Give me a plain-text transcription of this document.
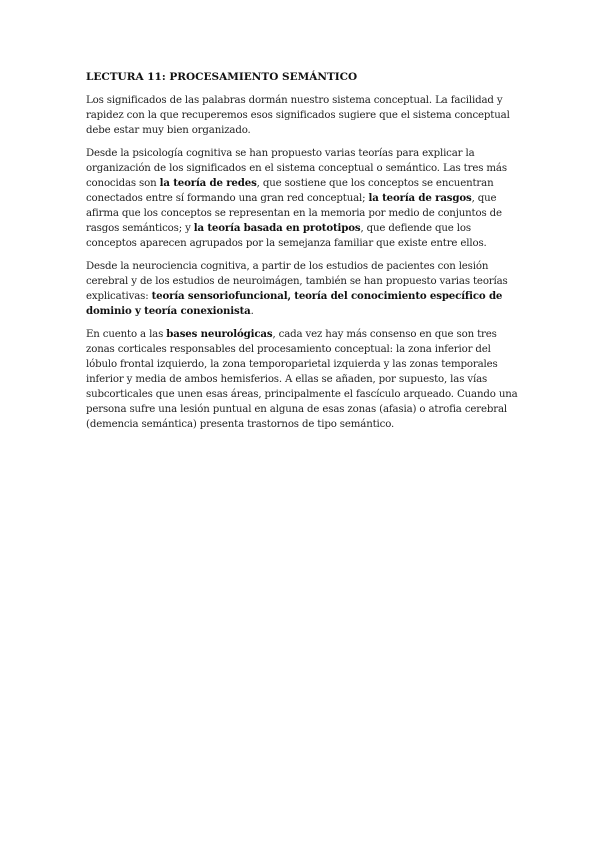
LECTURA 11: PROCESAMIENTO SEMÁNTICO

Los significados de las palabras dormán nuestro sistema conceptual. La facilidad y rapidez con la que recuperemos esos significados sugiere que el sistema conceptual debe estar muy bien organizado.

Desde la psicología cognitiva se han propuesto varias teorías para explicar la organización de los significados en el sistema conceptual o semántico. Las tres más conocidas son la teoría de redes, que sostiene que los conceptos se encuentran conectados entre sí formando una gran red conceptual; la teoría de rasgos, que afirma que los conceptos se representan en la memoria por medio de conjuntos de rasgos semánticos; y la teoría basada en prototipos, que defiende que los conceptos aparecen agrupados por la semejanza familiar que existe entre ellos.

Desde la neurociencia cognitiva, a partir de los estudios de pacientes con lesión cerebral y de los estudios de neuroimágen, también se han propuesto varias teorías explicativas: teoría sensoriofuncional, teoría del conocimiento específico de dominio y teoría conexionista.

En cuento a las bases neurológicas, cada vez hay más consenso en que son tres zonas corticales responsables del procesamiento conceptual: la zona inferior del lóbulo frontal izquierdo, la zona temporoparietal izquierda y las zonas temporales inferior y media de ambos hemisferios. A ellas se añaden, por supuesto, las vías subcorticales que unen esas áreas, principalmente el fascículo arqueado. Cuando una persona sufre una lesión puntual en alguna de esas zonas (afasia) o atrofia cerebral (demencia semántica) presenta trastornos de tipo semántico.
